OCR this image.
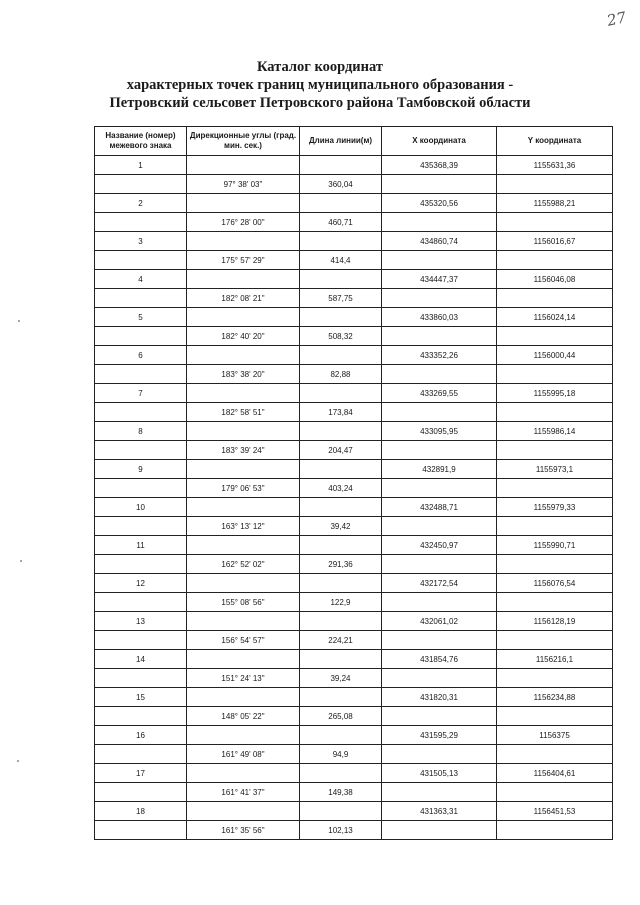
27
Каталог координат
характерных точек границ муниципального образования -
Петровский сельсовет Петровского района Тамбовской области
Название (номер) межевого знака	Дирекционные углы (град. мин. сек.)	Длина линии(м)	X координата	Y координата
1			435368,39	1155631,36
	97° 38' 03"	360,04		
2			435320,56	1155988,21
	176° 28' 00"	460,71		
3			434860,74	1156016,67
	175° 57' 29"	414,4		
4			434447,37	1156046,08
	182° 08' 21"	587,75		
5			433860,03	1156024,14
	182° 40' 20"	508,32		
6			433352,26	1156000,44
	183° 38' 20"	82,88		
7			433269,55	1155995,18
	182° 58' 51"	173,84		
8			433095,95	1155986,14
	183° 39' 24"	204,47		
9			432891,9	1155973,1
	179° 06' 53"	403,24		
10			432488,71	1155979,33
	163° 13' 12"	39,42		
11			432450,97	1155990,71
	162° 52' 02"	291,36		
12			432172,54	1156076,54
	155° 08' 56"	122,9		
13			432061,02	1156128,19
	156° 54' 57"	224,21		
14			431854,76	1156216,1
	151° 24' 13"	39,24		
15			431820,31	1156234,88
	148° 05' 22"	265,08		
16			431595,29	1156375
	161° 49' 08"	94,9		
17			431505,13	1156404,61
	161° 41' 37"	149,38		
18			431363,31	1156451,53
	161° 35' 56"	102,13		
